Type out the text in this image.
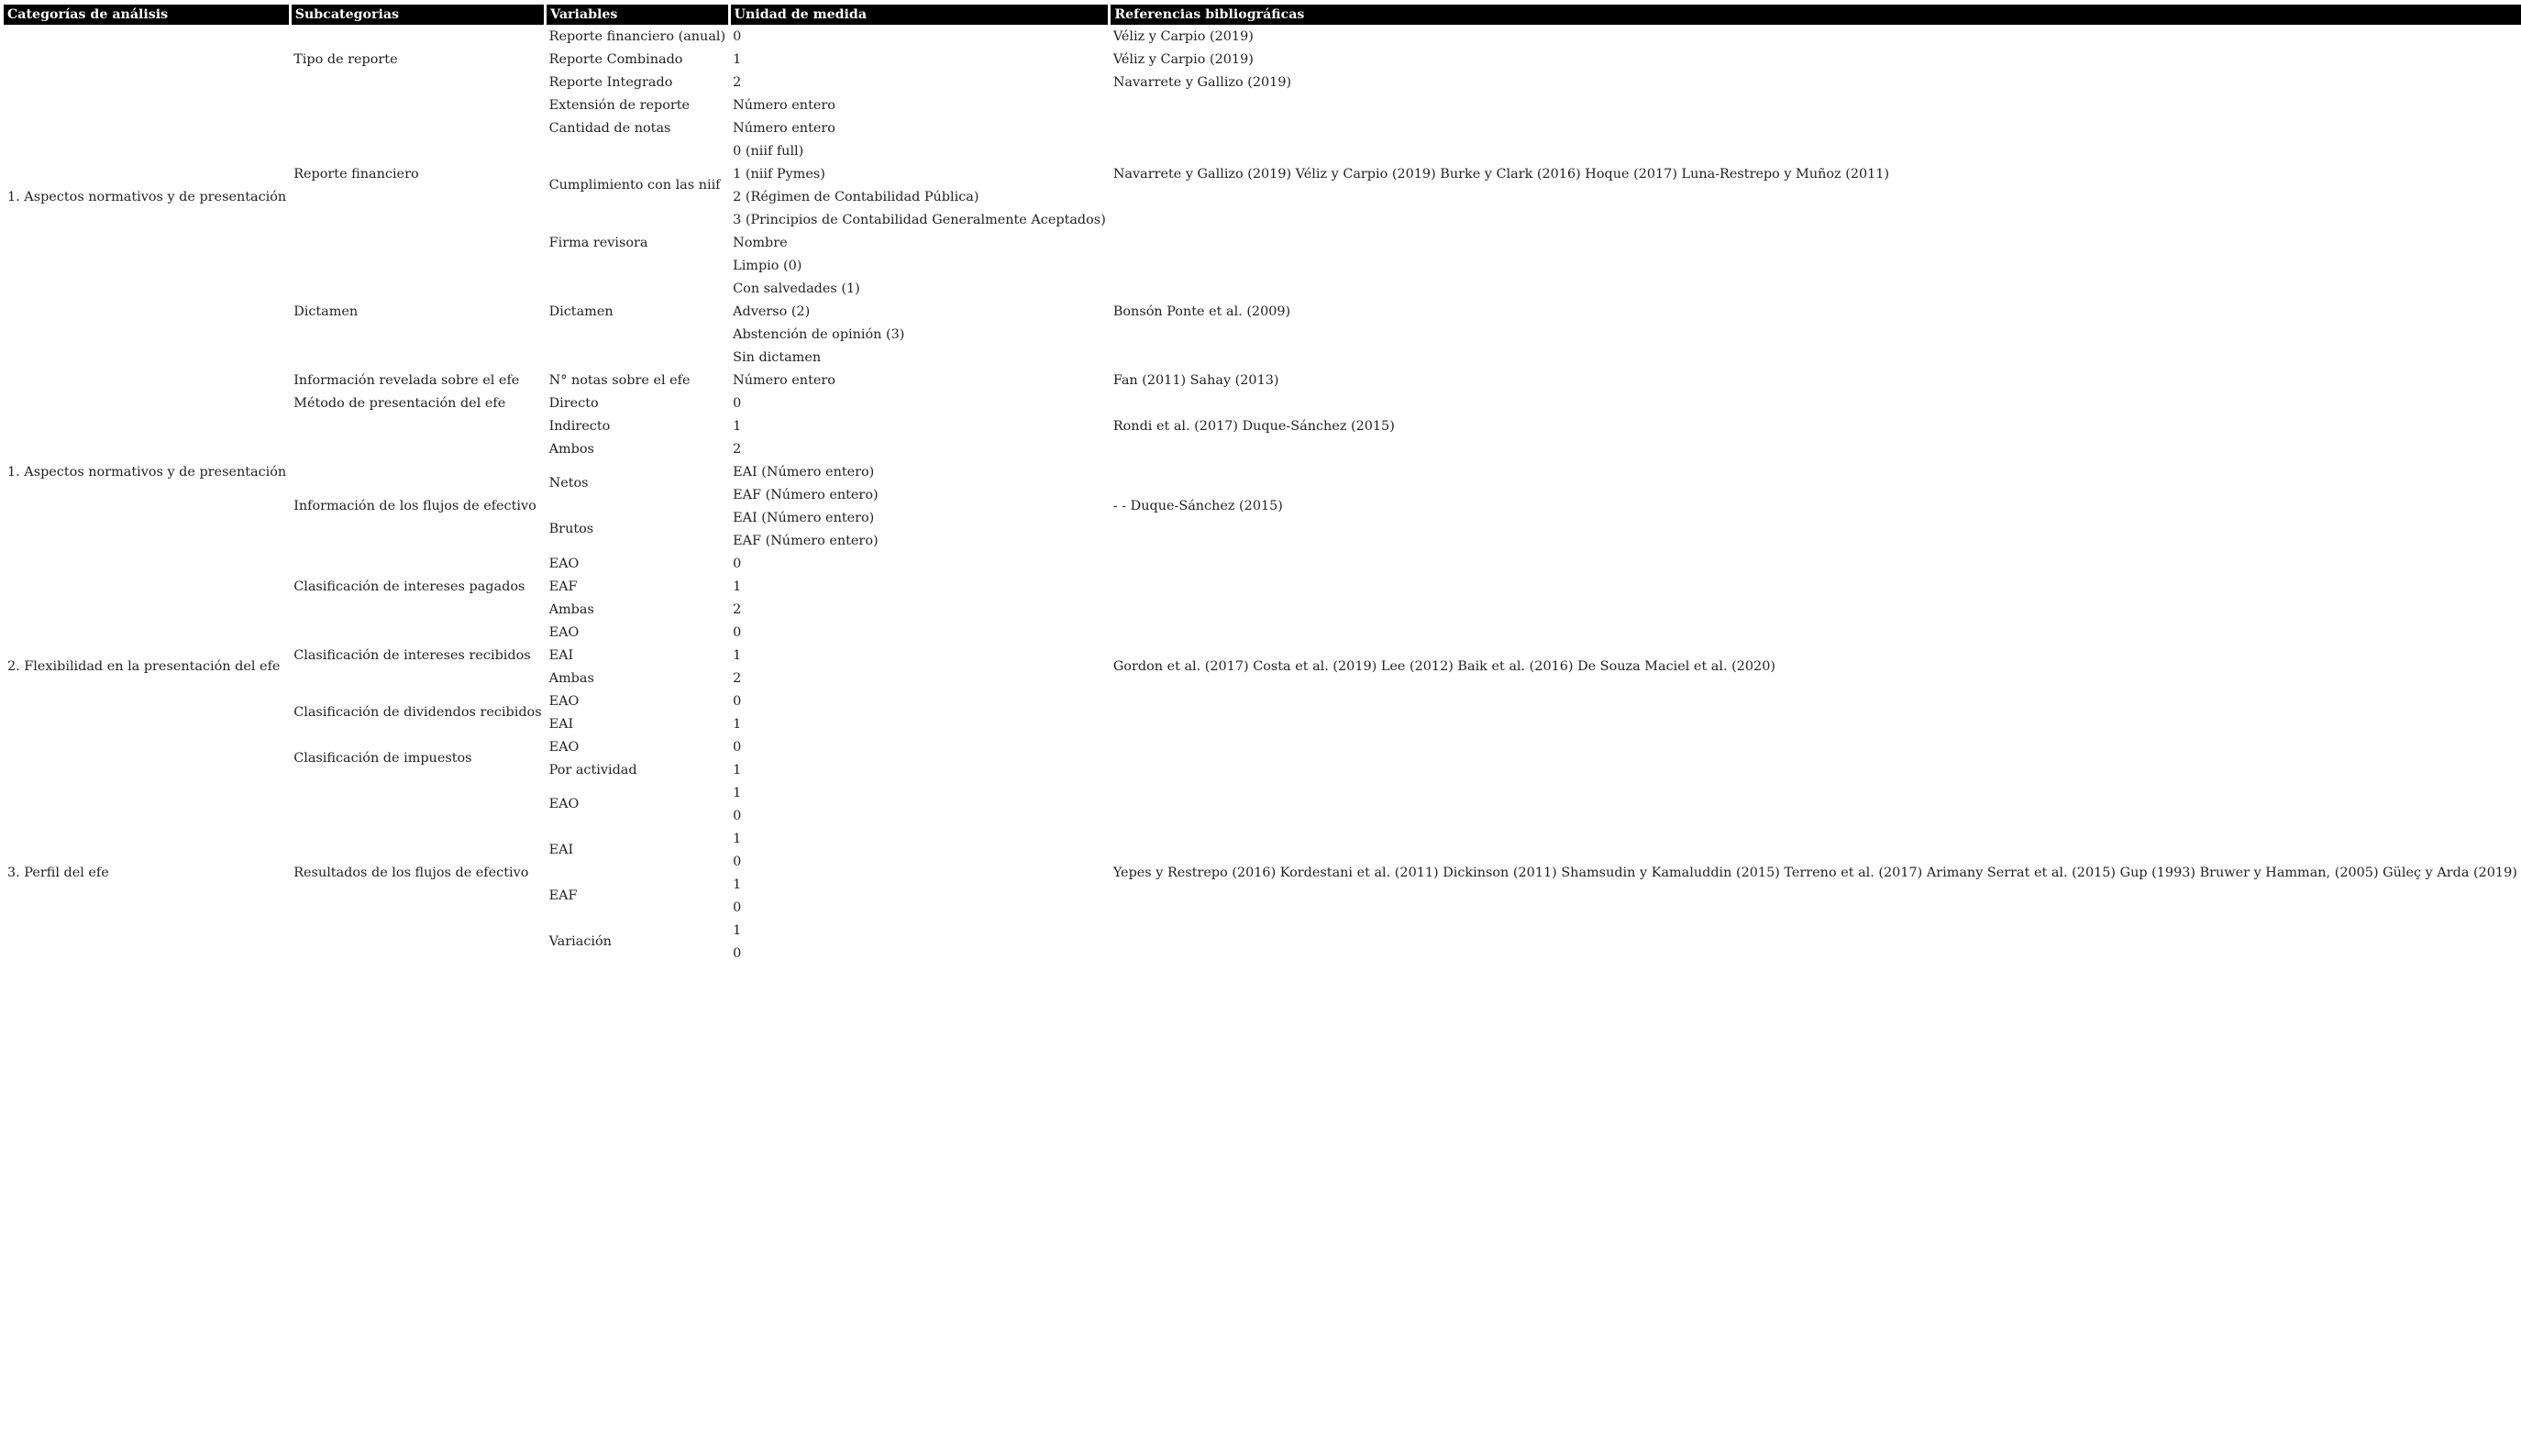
Categorías de análisis	Subcategorias	Variables	Unidad de medida	Referencias bibliográficas
1. Aspectos normativos y de presentación	Tipo de reporte	Reporte financiero (anual)	0	Véliz y Carpio (2019)
		Reporte Combinado	1	Véliz y Carpio (2019)
		Reporte Integrado	2	Navarrete y Gallizo (2019)
	Reporte financiero	Extensión de reporte	Número entero	Navarrete y Gallizo (2019) Véliz y Carpio (2019) Burke y Clark (2016) Hoque (2017) Luna-Restrepo y Muñoz (2011)
		Cantidad de notas	Número entero	
		Cumplimiento con las niif	0 (niif full)	
			1 (niif Pymes)	
			2 (Régimen de Contabilidad Pública)	
			3 (Principios de Contabilidad Generalmente Aceptados)	
		Firma revisora	Nombre	
	Dictamen	Dictamen	Limpio (0)	Bonsón Ponte et al. (2009)
			Con salvedades (1)	
			Adverso (2)	
			Abstención de opinión (3)	
			Sin dictamen	
	Información revelada sobre el efe	N° notas sobre el efe	Número entero	Fan (2011) Sahay (2013)
1. Aspectos normativos y de presentación	Método de presentación del efe	Directo	0	
		Indirecto	1	Rondi et al. (2017) Duque-Sánchez (2015)
		Ambos	2	
	Información de los flujos de efectivo	Netos	EAI (Número entero)	- - Duque-Sánchez (2015)
			EAF (Número entero)	
		Brutos	EAI (Número entero)	
			EAF (Número entero)	
2. Flexibilidad en la presentación del efe	Clasificación de intereses pagados	EAO	0	Gordon et al. (2017) Costa et al. (2019) Lee (2012) Baik et al. (2016) De Souza Maciel et al. (2020)
		EAF	1	
		Ambas	2	
	Clasificación de intereses recibidos	EAO	0	
		EAI	1	
		Ambas	2	
	Clasificación de dividendos recibidos	EAO	0	
		EAI	1	
	Clasificación de impuestos	EAO	0	
		Por actividad	1	
3. Perfil del efe	Resultados de los flujos de efectivo	EAO	1	Yepes y Restrepo (2016) Kordestani et al. (2011) Dickinson (2011) Shamsudin y Kamaluddin (2015) Terreno et al. (2017) Arimany Serrat et al. (2015) Gup (1993) Bruwer y Hamman, (2005) Güleç y Arda (2019)
			0	
		EAI	1	
			0	
		EAF	1	
			0	
		Variación	1	
			0	
